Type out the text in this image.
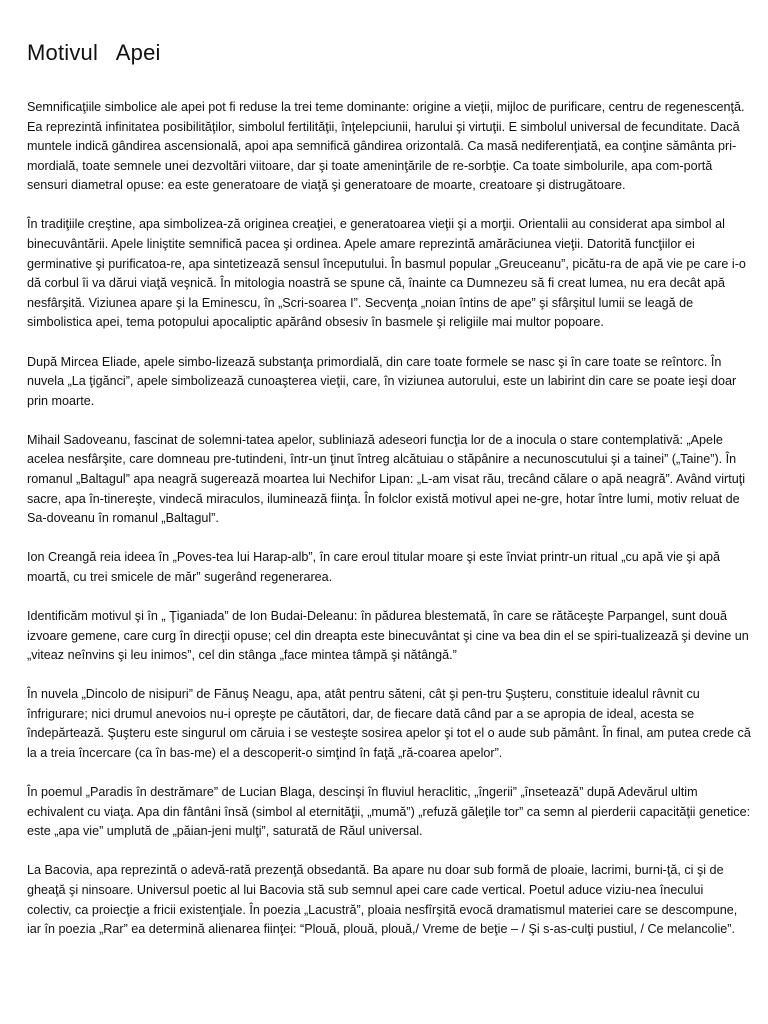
Motivul   Apei

Semnificaţiile simbolice ale apei pot fi reduse la trei teme dominante: origine a vieţii, mijloc de purificare, centru de regenescenţă. Ea reprezintă infinitatea posibilităţilor, simbolul fertilităţii, înţelepciunii, harului şi virtuţii. E simbolul universal de fecunditate. Dacă muntele indică gândirea ascensională, apoi apa semnifică gândirea orizontală. Ca masă nediferenţiată, ea conţine sământa pri-mordială, toate semnele unei dezvoltări viitoare, dar şi toate ameninţările de re-sorbţie. Ca toate simbolurile, apa com-portă sensuri diametral opuse: ea este generatoare de viaţă şi generatoare de moarte, creatoare şi distrugătoare.

În tradiţiile creştine, apa simbolizea-ză originea creaţiei, e generatoarea vieţii şi a morţii. Orientalii au considerat apa simbol al binecuvântării. Apele liniştite semnifică pacea şi ordinea. Apele amare reprezintă amărăciunea vieţii. Datorită funcţiilor ei germinative şi purificatoa-re, apa sintetizează sensul începutului. În basmul popular „Greuceanu”, picătu-ra de apă vie pe care i-o dă corbul îi va dărui viaţă veşnică. În mitologia noastră se spune că, înainte ca Dumnezeu să fi creat lumea, nu era decât apă nesfârşită. Viziunea apare şi la Eminescu, în „Scri-soarea I”. Secvenţa „noian întins de ape” şi sfârşitul lumii se leagă de simbolistica apei, tema potopului apocaliptic apărând obsesiv în basmele şi religiile mai multor popoare.

După Mircea Eliade, apele simbo-lizează substanţa primordială, din care toate formele se nasc şi în care toate se reîntorc. În nuvela „La ţigănci”, apele simbolizează cunoaşterea vieţii, care, în viziunea autorului, este un labirint din care se poate ieşi doar prin moarte.

Mihail Sadoveanu, fascinat de solemni-tatea apelor, subliniază adeseori funcţia lor de a inocula o stare contemplativă: „Apele acelea nesfârşite, care domneau pre-tutindeni, într-un ţinut întreg alcătuiau o stăpânire a necunoscutului şi a tainei” („Taine”). În romanul „Baltagul” apa neagră sugerează moartea lui Nechifor Lipan: „L-am visat rău, trecând călare o apă neagră”. Având virtuţi sacre, apa în-tinereşte, vindecă miraculos, iluminează fiinţa. În folclor există motivul apei ne-gre, hotar între lumi, motiv reluat de Sa-doveanu în romanul „Baltagul”.

Ion Creangă reia ideea în „Poves-tea lui Harap-alb”, în care eroul titular moare şi este înviat printr-un ritual „cu apă vie şi apă moartă, cu trei smicele de măr” sugerând regenerarea.

Identificăm motivul şi în „ Ţiganiada” de Ion Budai-Deleanu: în pădurea blestemată, în care se rătăceşte Parpangel, sunt două izvoare gemene, care curg în direcţii opuse; cel din dreapta este binecuvântat şi cine va bea din el se spiri-tualizează şi devine un „viteaz neînvins şi leu inimos”, cel din stânga „face mintea tâmpă şi nătângă.”

În nuvela „Dincolo de nisipuri” de Fănuş Neagu, apa, atât pentru săteni, cât şi pen-tru Şuşteru, constituie idealul râvnit cu înfrigurare; nici drumul anevoios nu-i opreşte pe căutători, dar, de fiecare dată când par a se apropia de ideal, acesta se îndepărtează. Şuşteru este singurul om căruia i se vesteşte sosirea apelor şi tot el o aude sub pământ. În final, am putea crede că la a treia încercare (ca în bas-me) el a descoperit-o simţind în faţă „ră-coarea apelor”.

În poemul „Paradis în destrămare” de Lucian Blaga, descinşi în fluviul heraclitic, „îngerii” „însetează” după Adevărul ultim echivalent cu viaţa. Apa din fântâni însă (simbol al eternităţii, „mumă”) „refuză găleţile tor” ca semn al pierderii capacităţii genetice: este „apa vie” umplută de „păian-jeni mulţi”, saturată de Răul universal.

La Bacovia, apa reprezintă o adevă-rată prezenţă obsedantă. Ba apare nu doar sub formă de ploaie, lacrimi, burni-ţă, ci şi de gheaţă şi ninsoare. Universul poetic al lui Bacovia stă sub semnul apei care cade vertical. Poetul aduce viziu-nea înecului colectiv, ca proiecţie a fricii existenţiale. În poezia „Lacustră”, ploaia nesfîrşită evocă dramatismul materiei care se descompune, iar în poezia „Rar” ea determină alienarea fiinţei: “Plouă, plouă, plouă,/ Vreme de beţie – / Şi s-as-culţi pustiul, / Ce melancolie”.
